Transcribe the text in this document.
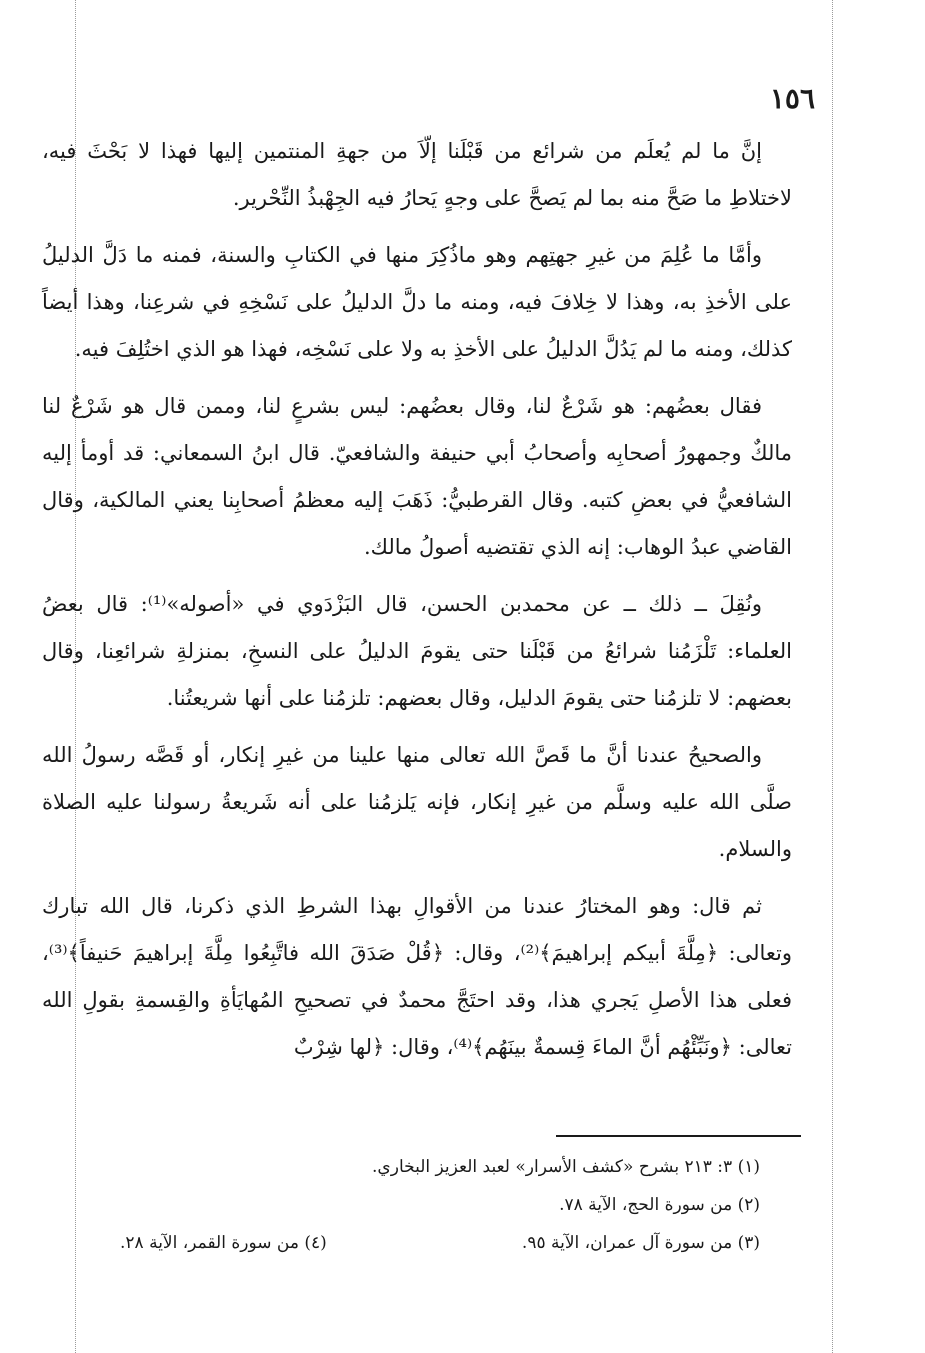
١٥٦

إنَّ ما لم يُعلَم من شرائع من قَبْلَنا إلّاَ من جهةِ المنتمين إليها فهذا لا بَحْثَ فيه، لاختلاطِ ما صَحَّ منه بما لم يَصحَّ على وجهٍ يَحارُ فيه الجِهْبذُ النِّحْرير.

وأمَّا ما عُلِمَ من غيرِ جهتِهم وهو ماذُكِرَ منها في الكتابِ والسنة، فمنه ما دَلَّ الدليلُ على الأخذِ به، وهذا لا خِلافَ فيه، ومنه ما دلَّ الدليلُ على نَسْخِهِ في شرعِنا، وهذا أيضاً كذلك، ومنه ما لم يَدُلَّ الدليلُ على الأخذِ به ولا على نَسْخِه، فهذا هو الذي اختُلِفَ فيه.

فقال بعضُهم: هو شَرْعٌ لنا، وقال بعضُهم: ليس بشرعٍ لنا، وممن قال هو شَرْعٌ لنا مالكٌ وجمهورُ أصحابِه وأصحابُ أبي حنيفة والشافعيّ. قال ابنُ السمعاني: قد أومأ إليه الشافعيُّ في بعضِ كتبه. وقال القرطبيُّ: ذَهَبَ إليه معظمُ أصحابِنا يعني المالكية، وقال القاضي عبدُ الوهاب: إنه الذي تقتضيه أصولُ مالك.

ونُقِلَ ــ ذلك ــ عن محمدبن الحسن، قال البَزْدَوي في «أصوله»⁽¹⁾: قال بعضُ العلماء: تَلْزَمُنا شرائعُ من قَبْلَنا حتى يقومَ الدليلُ على النسخِ، بمنزلةِ شرائعِنا، وقال بعضهم: لا تلزمُنا حتى يقومَ الدليل، وقال بعضهم: تلزمُنا على أنها شريعتُنا.

والصحيحُ عندنا أنَّ ما قَصَّ الله تعالى منها علينا من غيرِ إنكار، أو قَصَّه رسولُ الله صلَّى الله عليه وسلَّم من غيرِ إنكار، فإنه يَلزمُنا على أنه شَريعةُ رسولنا عليه الصلاة والسلام.

ثم قال: وهو المختارُ عندنا من الأقوالِ بهذا الشرطِ الذي ذكرنا، قال الله تبارك وتعالى: ﴿مِلَّةَ أبيكم إبراهيمَ﴾⁽²⁾، وقال: ﴿قُلْ صَدَقَ الله فاتَّبِعُوا مِلَّةَ إبراهيمَ حَنيفاً﴾⁽³⁾، فعلى هذا الأصلِ يَجري هذا، وقد احتَجَّ محمدٌ في تصحيحِ المُهايَأةِ والقِسمةِ بقولِ الله تعالى: ﴿ونَبِّئْهُم أنَّ الماءَ قِسمةٌ بينَهُم﴾⁽⁴⁾، وقال: ﴿لها شِرْبٌ

(١) ٣: ٢١٣ بشرح «كشف الأسرار» لعبد العزيز البخاري.
(٢) من سورة الحج، الآية ٧٨.
(٣) من سورة آل عمران، الآية ٩٥.
(٤) من سورة القمر، الآية ٢٨.
